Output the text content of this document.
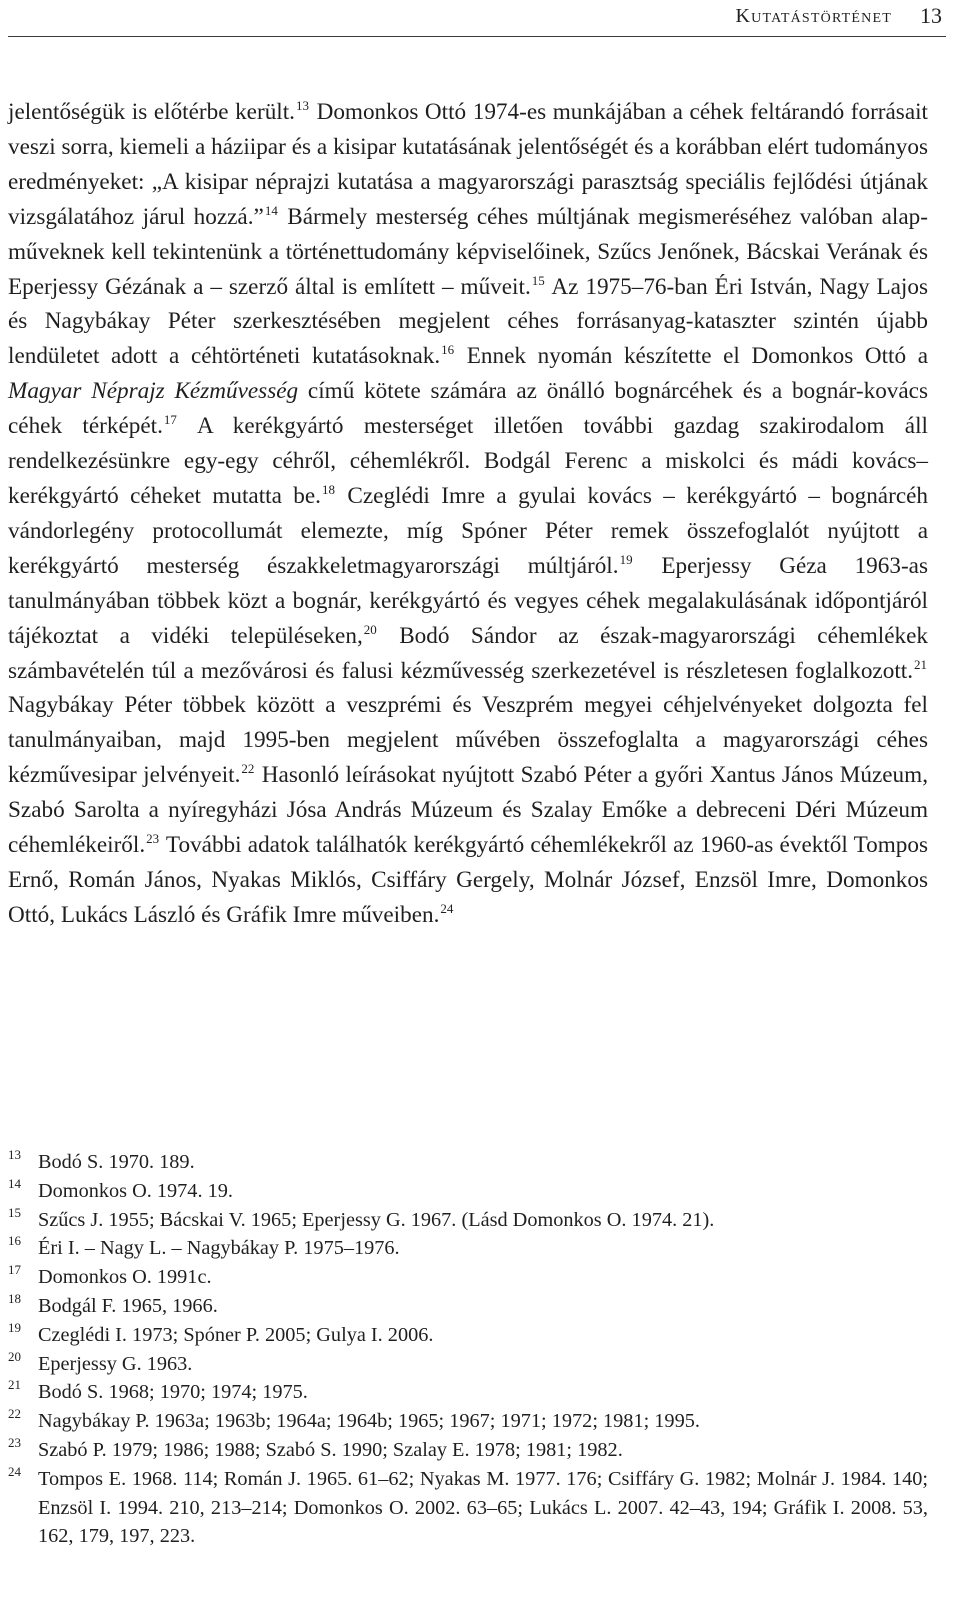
Kutatástörténet 13
jelentőségük is előtérbe került.$^{13}$ Domonkos Ottó 1974-es munkájában a céhek feltárandó forrásait veszi sorra, kiemeli a háziipar és a kisipar kutatásának jelentőségét és a korábban elért tudományos eredményeket: „A kisipar néprajzi kutatása a magyarországi parasztság speciális fejlődési útjának vizsgálatához járul hozzá.”$^{14}$ Bármely mesterség céhes múltjának megismeréséhez valóban alapműveknek kell tekintenünk a történettudomány képviselőinek, Szűcs Jenőnek, Bácskai Verának és Eperjessy Gézának a – szerző által is említett – műveit.$^{15}$ Az 1975–76-ban Éri István, Nagy Lajos és Nagybákay Péter szerkesztésében megjelent céhes forrásanyag-kataszter szintén újabb lendületet adott a céhtörténeti kutatásoknak.$^{16}$ Ennek nyomán készítette el Domonkos Ottó a Magyar Néprajz Kézművesség című kötete számára az önálló bognárcéhek és a bognár-kovács céhek térképét.$^{17}$ A kerékgyártó mesterséget illetően további gazdag szakirodalom áll rendelkezésünkre egy-egy céhről, céhemlékről. Bodgál Ferenc a miskolci és mádi kovács–kerékgyártó céheket mutatta be.$^{18}$ Czeglédi Imre a gyulai kovács – kerékgyártó – bognárcéh vándorlegény protocollumát elemezte, míg Spóner Péter remek összefoglalót nyújtott a kerékgyártó mesterség északkeletmagyarországi múltjáról.$^{19}$ Eperjessy Géza 1963-as tanulmányában többek közt a bognár, kerékgyártó és vegyes céhek megalakulásának időpontjáról tájékoztat a vidéki településeken,$^{20}$ Bodó Sándor az észak-magyarországi céhemlékek számbavételén túl a mezővárosi és falusi kézművesség szerkezetével is részletesen foglalkozott.$^{21}$ Nagybákay Péter többek között a veszprémi és Veszprém megyei céhjelvényeket dolgozta fel tanulmányaiban, majd 1995-ben megjelent művében összefoglalta a magyarországi céhes kézművesipar jelvényeit.$^{22}$ Hasonló leírásokat nyújtott Szabó Péter a győri Xantus János Múzeum, Szabó Sarolta a nyíregyházi Jósa András Múzeum és Szalay Emőke a debreceni Déri Múzeum céhemlékeiről.$^{23}$ További adatok találhatók kerékgyártó céhemlékekről az 1960-as évektől Tompos Ernő, Román János, Nyakas Miklós, Csiffáry Gergely, Molnár József, Enzsöl Imre, Domonkos Ottó, Lukács László és Gráfik Imre műveiben.$^{24}$
13 Bodó S. 1970. 189.
14 Domonkos O. 1974. 19.
15 Szűcs J. 1955; Bácskai V. 1965; Eperjessy G. 1967. (Lásd Domonkos O. 1974. 21).
16 Éri I. – Nagy L. – Nagybákay P. 1975–1976.
17 Domonkos O. 1991c.
18 Bodgál F. 1965, 1966.
19 Czeglédi I. 1973; Spóner P. 2005; Gulya I. 2006.
20 Eperjessy G. 1963.
21 Bodó S. 1968; 1970; 1974; 1975.
22 Nagybákay P. 1963a; 1963b; 1964a; 1964b; 1965; 1967; 1971; 1972; 1981; 1995.
23 Szabó P. 1979; 1986; 1988; Szabó S. 1990; Szalay E. 1978; 1981; 1982.
24 Tompos E. 1968. 114; Román J. 1965. 61–62; Nyakas M. 1977. 176; Csiffáry G. 1982; Molnár J. 1984. 140; Enzsöl I. 1994. 210, 213–214; Domonkos O. 2002. 63–65; Lukács L. 2007. 42–43, 194; Gráfik I. 2008. 53, 162, 179, 197, 223.
